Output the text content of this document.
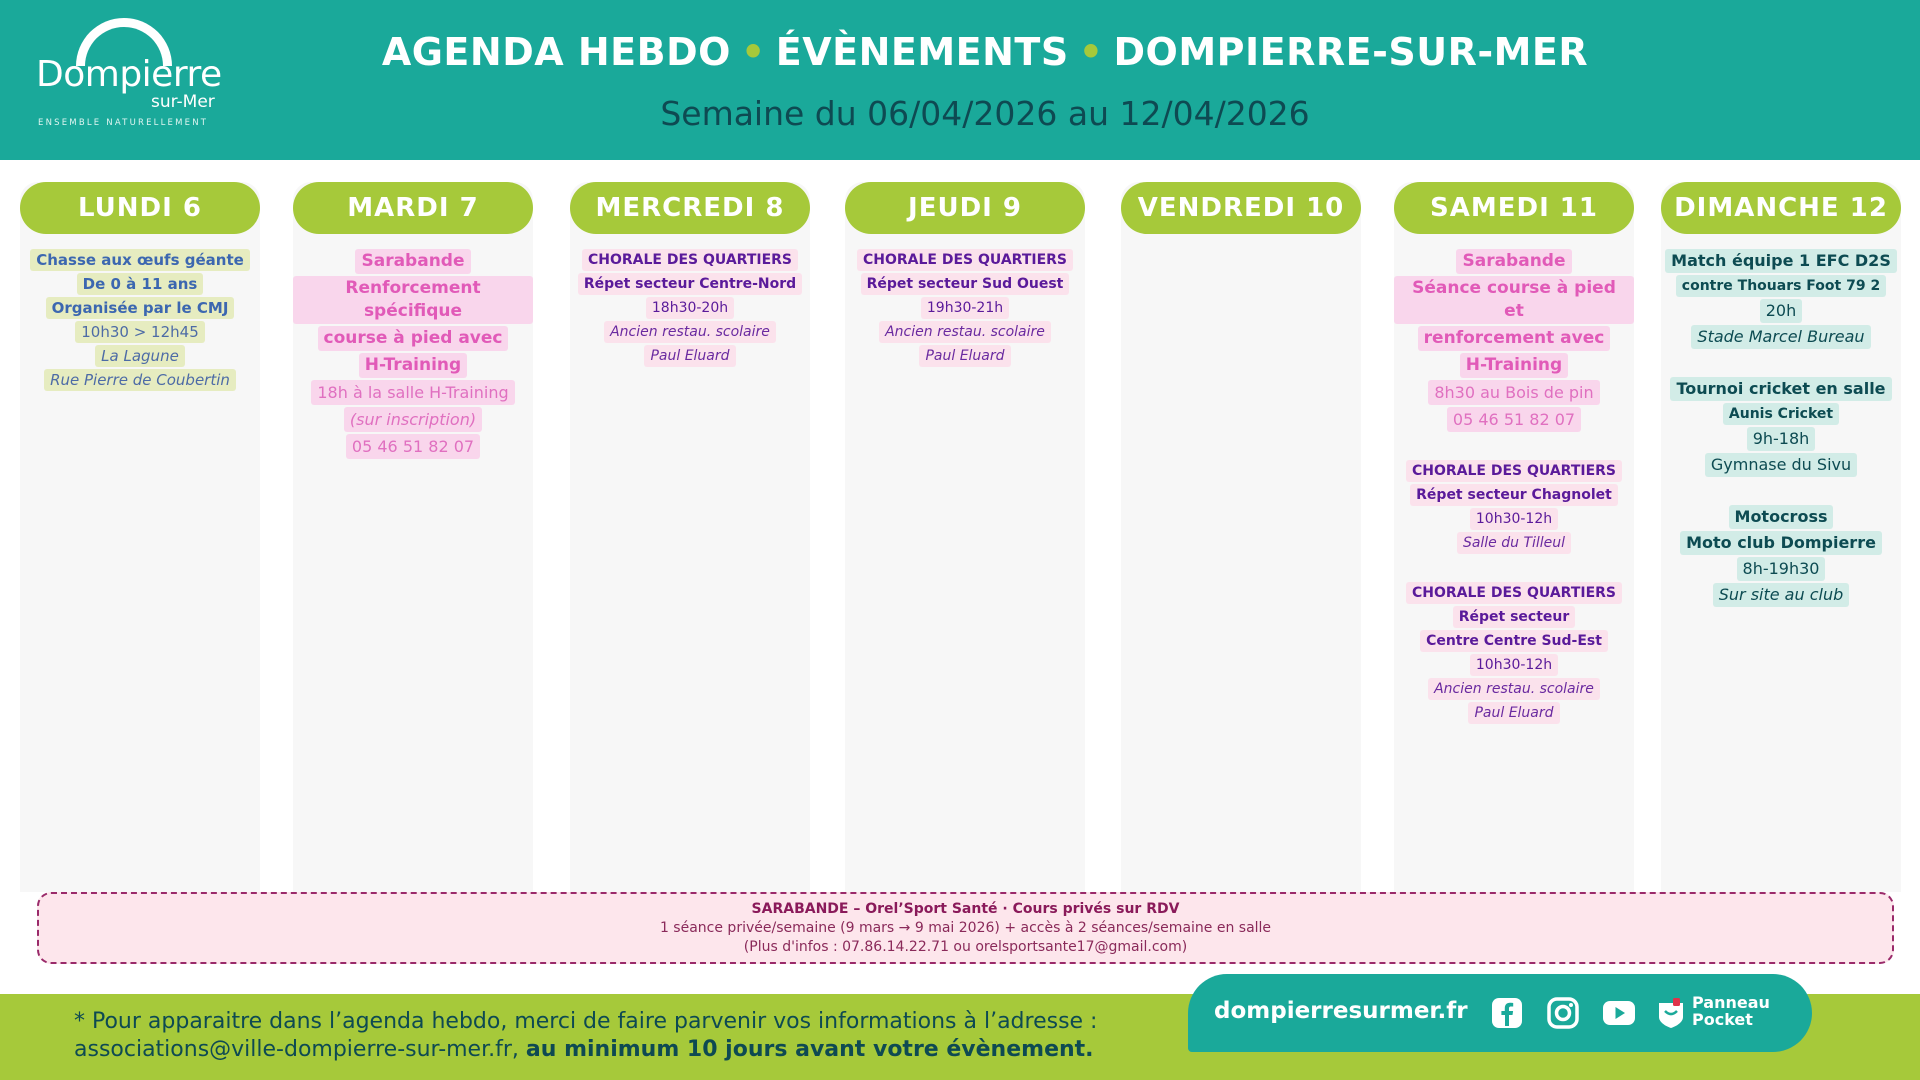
Dompierre
sur-Mer
ENSEMBLE NATURELLEMENT
AGENDA HEBDO • ÉVÈNEMENTS • DOMPIERRE-SUR-MER
Semaine du 06/04/2026 au 12/04/2026
LUNDI 6
Chasse aux œufs géante
De 0 à 11 ans
Organisée par le CMJ
10h30 > 12h45
La Lagune
Rue Pierre de Coubertin
MARDI 7
Sarabande
Renforcement spécifique
course à pied avec
H-Training
18h à la salle H-Training
(sur inscription)
05 46 51 82 07
MERCREDI 8
CHORALE DES QUARTIERS
Répet secteur Centre-Nord
18h30-20h
Ancien restau. scolaire
Paul Eluard
JEUDI 9
CHORALE DES QUARTIERS
Répet secteur Sud Ouest
19h30-21h
Ancien restau. scolaire
Paul Eluard
VENDREDI 10	SAMEDI 11
Sarabande
Séance course à pied et
renforcement avec
H-Training
8h30 au Bois de pin
05 46 51 82 07
CHORALE DES QUARTIERS
Répet secteur Chagnolet
10h30-12h
Salle du Tilleul
CHORALE DES QUARTIERS
Répet secteur
Centre Centre Sud-Est
10h30-12h
Ancien restau. scolaire
Paul Eluard
DIMANCHE 12
Match équipe 1 EFC D2S
contre Thouars Foot 79 2
20h
Stade Marcel Bureau
Tournoi cricket en salle
Aunis Cricket
9h-18h
Gymnase du Sivu
Motocross
Moto club Dompierre
8h-19h30
Sur site au club
SARABANDE – Orel’Sport Santé · Cours privés sur RDV
1 séance privée/semaine (9 mars → 9 mai 2026) + accès à 2 séances/semaine en salle
(Plus d'infos : 07.86.14.22.71 ou orelsportsante17@gmail.com)
* Pour apparaitre dans l’agenda hebdo, merci de faire parvenir vos informations à l’adresse :
associations@ville-dompierre-sur-mer.fr, au minimum 10 jours avant votre évènement.
dompierresurmer.fr	Panneau
Pocket
